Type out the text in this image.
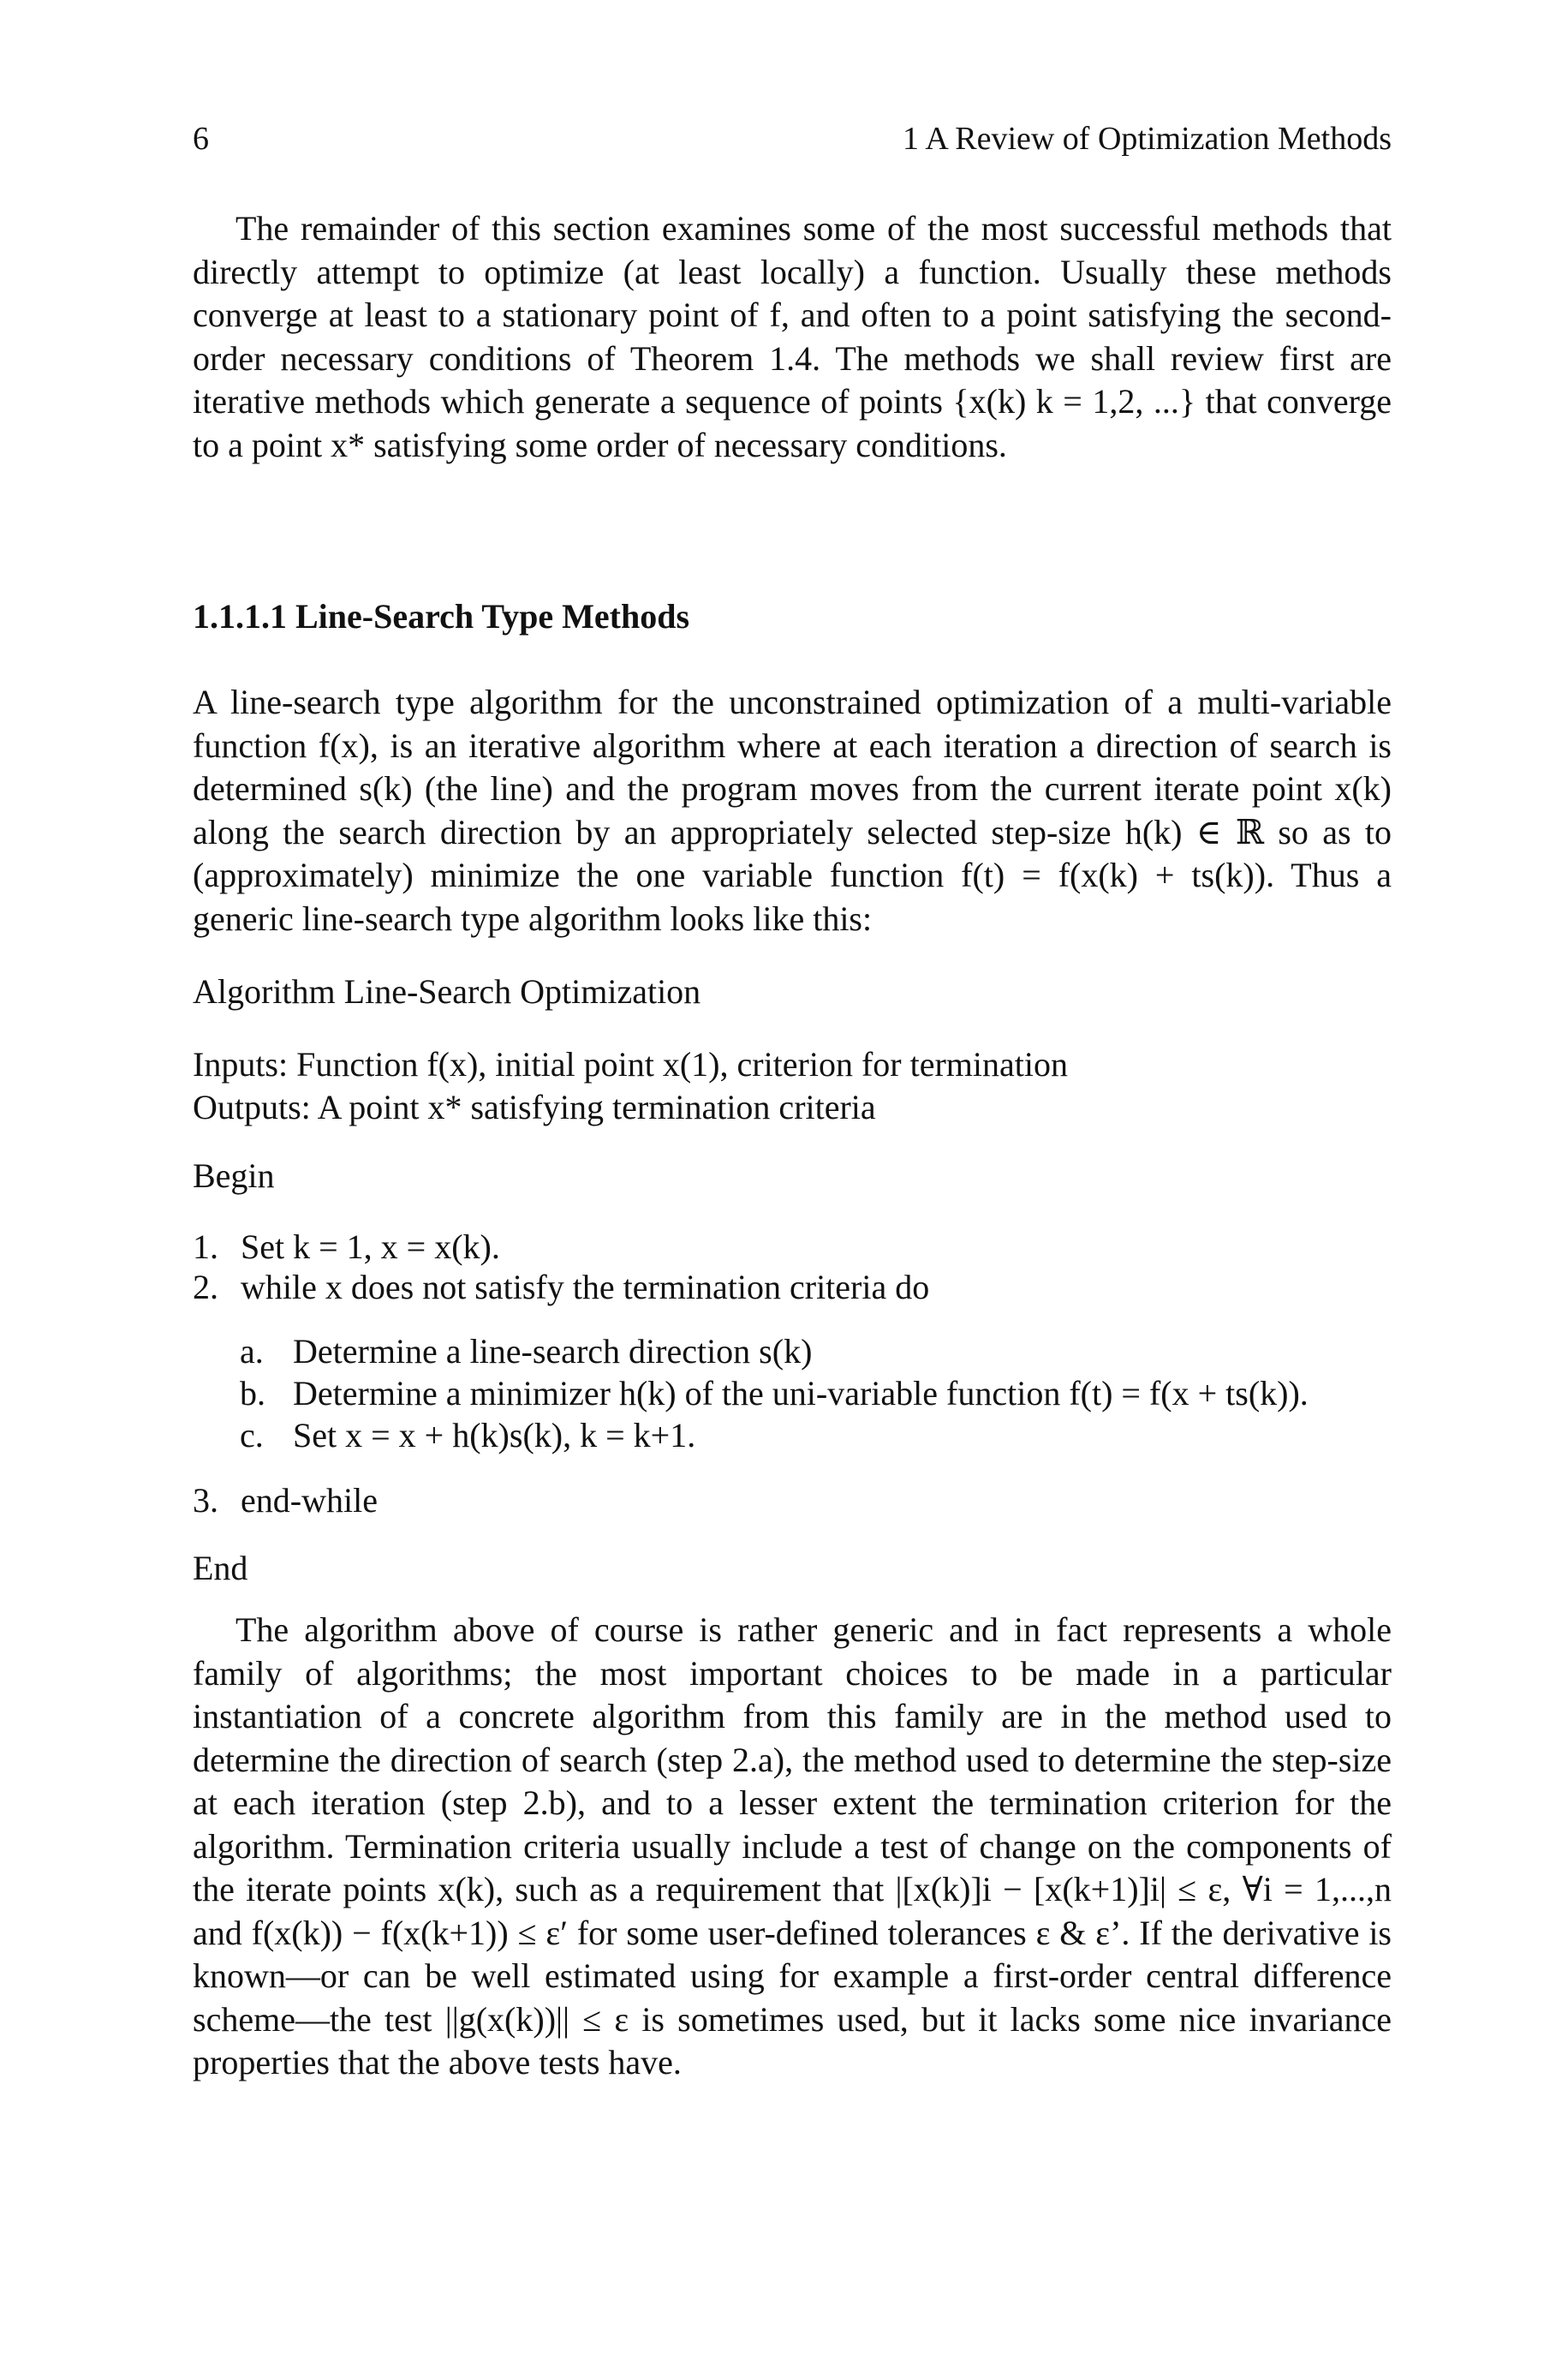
6	1 A Review of Optimization Methods

The remainder of this section examines some of the most successful methods that directly attempt to optimize (at least locally) a function. Usually these methods converge at least to a stationary point of f, and often to a point satisfying the second-order necessary conditions of Theorem 1.4. The methods we shall review first are iterative methods which generate a sequence of points {x(k) k = 1,2, ...} that converge to a point x* satisfying some order of necessary conditions.

1.1.1.1 Line-Search Type Methods

A line-search type algorithm for the unconstrained optimization of a multi-variable function f(x), is an iterative algorithm where at each iteration a direction of search is determined s(k) (the line) and the program moves from the current iterate point x(k) along the search direction by an appropriately selected step-size h(k) ∈ ℝ so as to (approximately) minimize the one variable function f(t) = f(x(k) + ts(k)). Thus a generic line-search type algorithm looks like this:

Algorithm Line-Search Optimization
Inputs: Function f(x), initial point x(1), criterion for termination
Outputs: A point x* satisfying termination criteria
Begin
1. Set k = 1, x = x(k).
2. while x does not satisfy the termination criteria do
a. Determine a line-search direction s(k)
b. Determine a minimizer h(k) of the uni-variable function f(t) = f(x + ts(k)).
c. Set x = x + h(k)s(k), k = k+1.
3. end-while
End

The algorithm above of course is rather generic and in fact represents a whole family of algorithms; the most important choices to be made in a particular instantiation of a concrete algorithm from this family are in the method used to determine the direction of search (step 2.a), the method used to determine the step-size at each iteration (step 2.b), and to a lesser extent the termination criterion for the algorithm. Termination criteria usually include a test of change on the components of the iterate points x(k), such as a requirement that |[x(k)]i − [x(k+1)]i| ≤ ε, ∀i = 1,...,n and f(x(k)) − f(x(k+1)) ≤ ε′ for some user-defined tolerances ε & ε’. If the derivative is known—or can be well estimated using for example a first-order central difference scheme—the test ||g(x(k))|| ≤ ε is sometimes used, but it lacks some nice invariance properties that the above tests have.
